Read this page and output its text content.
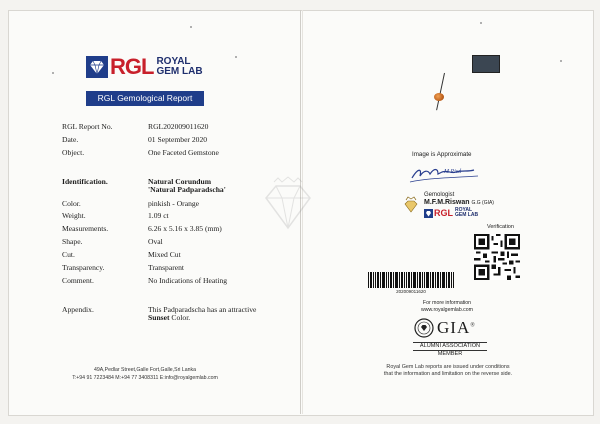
RGL ROYAL
GEM LAB
RGL Gemological Report
RGL Report No.	RGL202009011620
Date.	01 September 2020
Object.	One Faceted Gemstone
Identification.	Natural Corundum
'Natural Padparadscha'
Color.	pinkish - Orange
Weight.	1.09 ct
Measurements.	6.26 x 5.16 x 3.85 (mm)
Shape.	Oval
Cut.	Mixed Cut
Transparency.	Transparent
Comment.	No Indications of Heating
Appendix.	This Padparadscha has an attractive
Sunset Color.
49A,Pedlar Street,Galle Fort,Galle,Sri Lanka
T:+94 91 7223484 M:+94 77 3408311 E:info@royalgemlab.com
Image is Approximate
M Risd
Gemologist
M.F.M.Riswan G.G (GIA)
RGL ROYAL
GEM LAB
Verification
202009011620
For more information
www.royalgemlab.com
GIA®
ALUMNI ASSOCIATION
MEMBER
Royal Gem Lab reports are issued under conditions
that the information and limitation on the reverse side.
